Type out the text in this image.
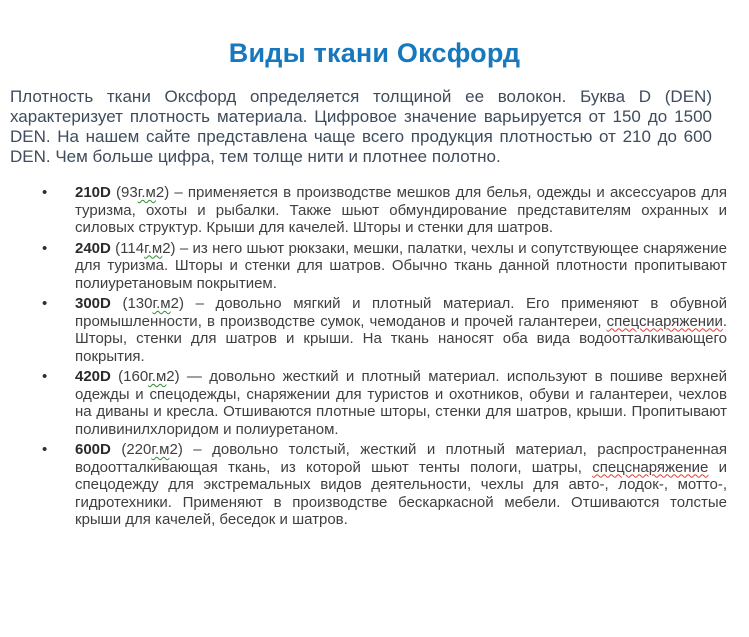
Виды ткани Оксфорд

Плотность ткани Оксфорд определяется толщиной ее волокон. Буква D (DEN) характеризует плотность материала. Цифровое значение варьируется от 150 до 1500 DEN. На нашем сайте представлена чаще всего продукция плотностью от 210 до 600 DEN. Чем больше цифра, тем толще нити и плотнее полотно.

•	210D (93г.м2) – применяется в производстве мешков для белья, одежды и аксессуаров для туризма, охоты и рыбалки. Также шьют обмундирование представителям охранных и силовых структур. Крыши для качелей. Шторы и стенки для шатров.
•	240D (114г.м2) – из него шьют рюкзаки, мешки, палатки, чехлы и сопутствующее снаряжение для туризма. Шторы и стенки для шатров. Обычно ткань данной плотности пропитывают полиуретановым покрытием.
•	300D (130г.м2) – довольно мягкий и плотный материал. Его применяют в обувной промышленности, в производстве сумок, чемоданов и прочей галантереи, спецснаряжении. Шторы, стенки для шатров и крыши. На ткань наносят оба вида водоотталкивающего покрытия.
•	420D (160г.м2) — довольно жесткий и плотный материал. используют в пошиве верхней одежды и спецодежды, снаряжении для туристов и охотников, обуви и галантереи, чехлов на диваны и кресла. Отшиваются плотные шторы, стенки для шатров, крыши. Пропитывают поливинилхлоридом и полиуретаном.
•	600D (220г.м2) – довольно толстый, жесткий и плотный материал, распространенная водоотталкивающая ткань, из которой шьют тенты пологи, шатры, спецснаряжение и спецодежду для экстремальных видов деятельности, чехлы для авто-, лодок-, мотто-, гидротехники. Применяют в производстве бескаркасной мебели. Отшиваются толстые крыши для качелей, беседок и шатров.
